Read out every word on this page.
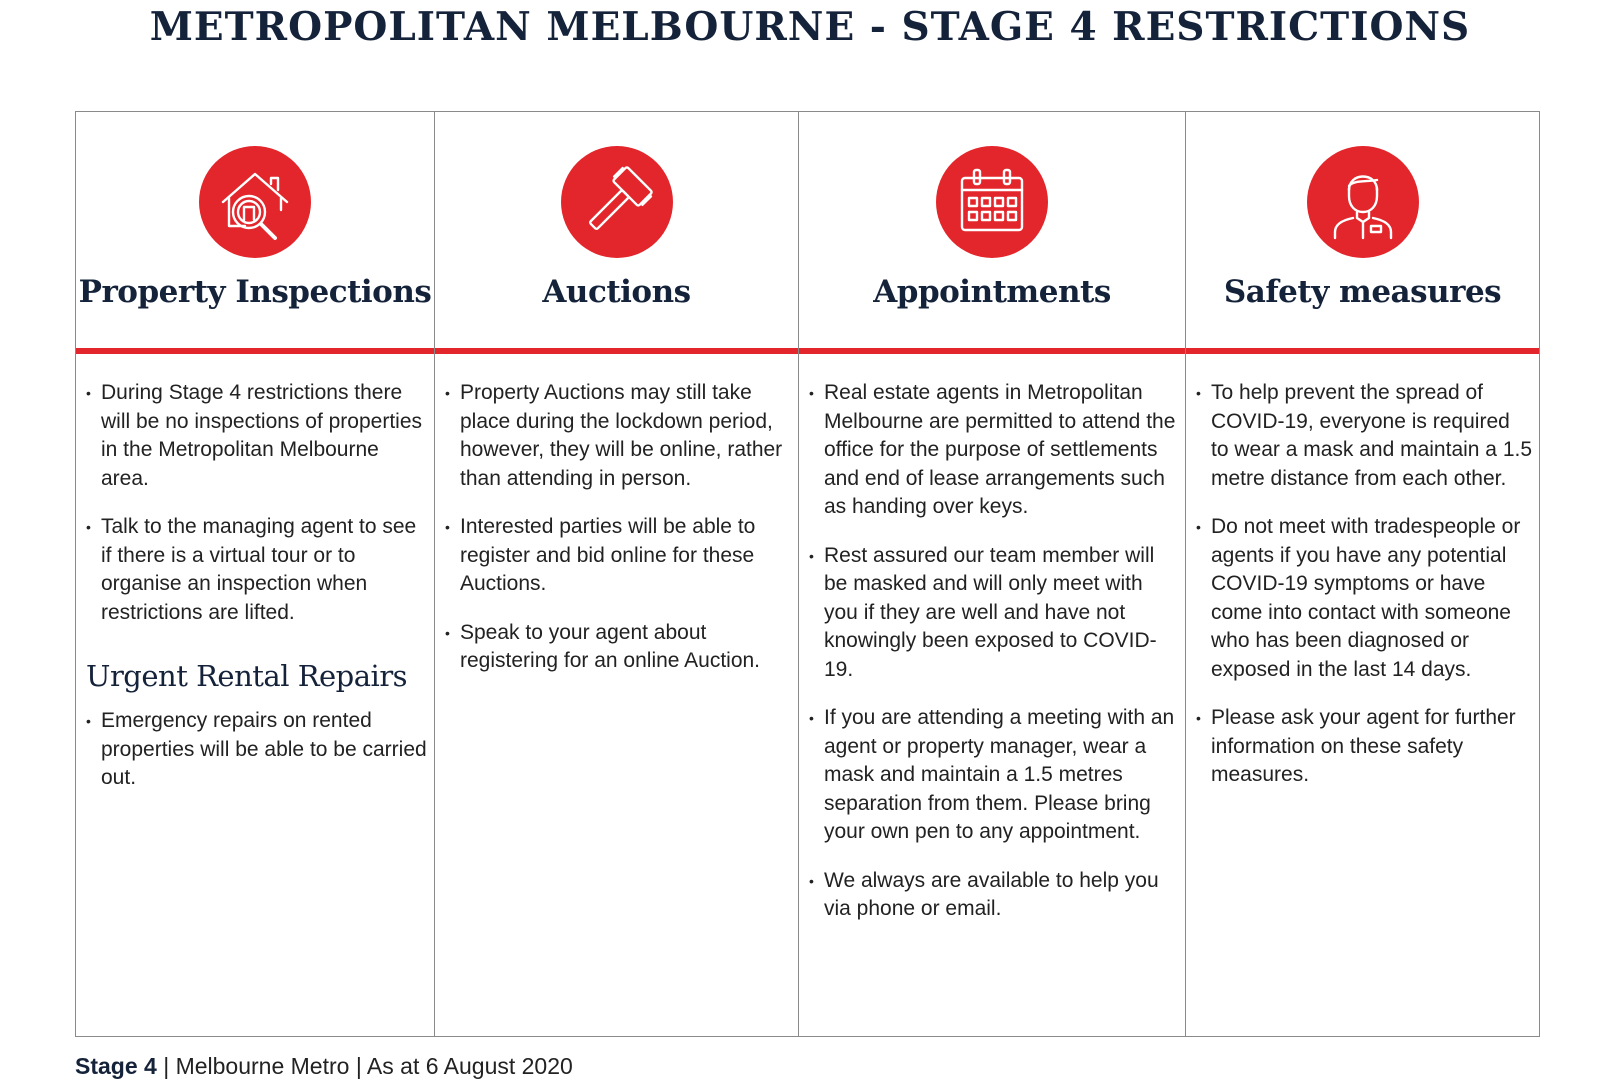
METROPOLITAN MELBOURNE - STAGE 4 RESTRICTIONS
Property Inspections
• During Stage 4 restrictions there will be no inspections of properties in the Metropolitan Melbourne area.
• Talk to the managing agent to see if there is a virtual tour or to organise an inspection when restrictions are lifted.
Urgent Rental Repairs
• Emergency repairs on rented properties will be able to be carried out.
Auctions
• Property Auctions may still take place during the lockdown period, however, they will be online, rather than attending in person.
• Interested parties will be able to register and bid online for these Auctions.
• Speak to your agent about registering for an online Auction.
Appointments
• Real estate agents in Metropolitan Melbourne are permitted to attend the office for the purpose of settlements and end of lease arrangements such as handing over keys.
• Rest assured our team member will be masked and will only meet with you if they are well and have not knowingly been exposed to COVID-19.
• If you are attending a meeting with an agent or property manager, wear a mask and maintain a 1.5 metres separation from them. Please bring your own pen to any appointment.
• We always are available to help you via phone or email.
Safety measures
• To help prevent the spread of COVID-19, everyone is required to wear a mask and maintain a 1.5 metre distance from each other.
• Do not meet with tradespeople or agents if you have any potential COVID-19 symptoms or have come into contact with someone who has been diagnosed or exposed in the last 14 days.
• Please ask your agent for further information on these safety measures.
Stage 4 | Melbourne Metro | As at 6 August 2020
